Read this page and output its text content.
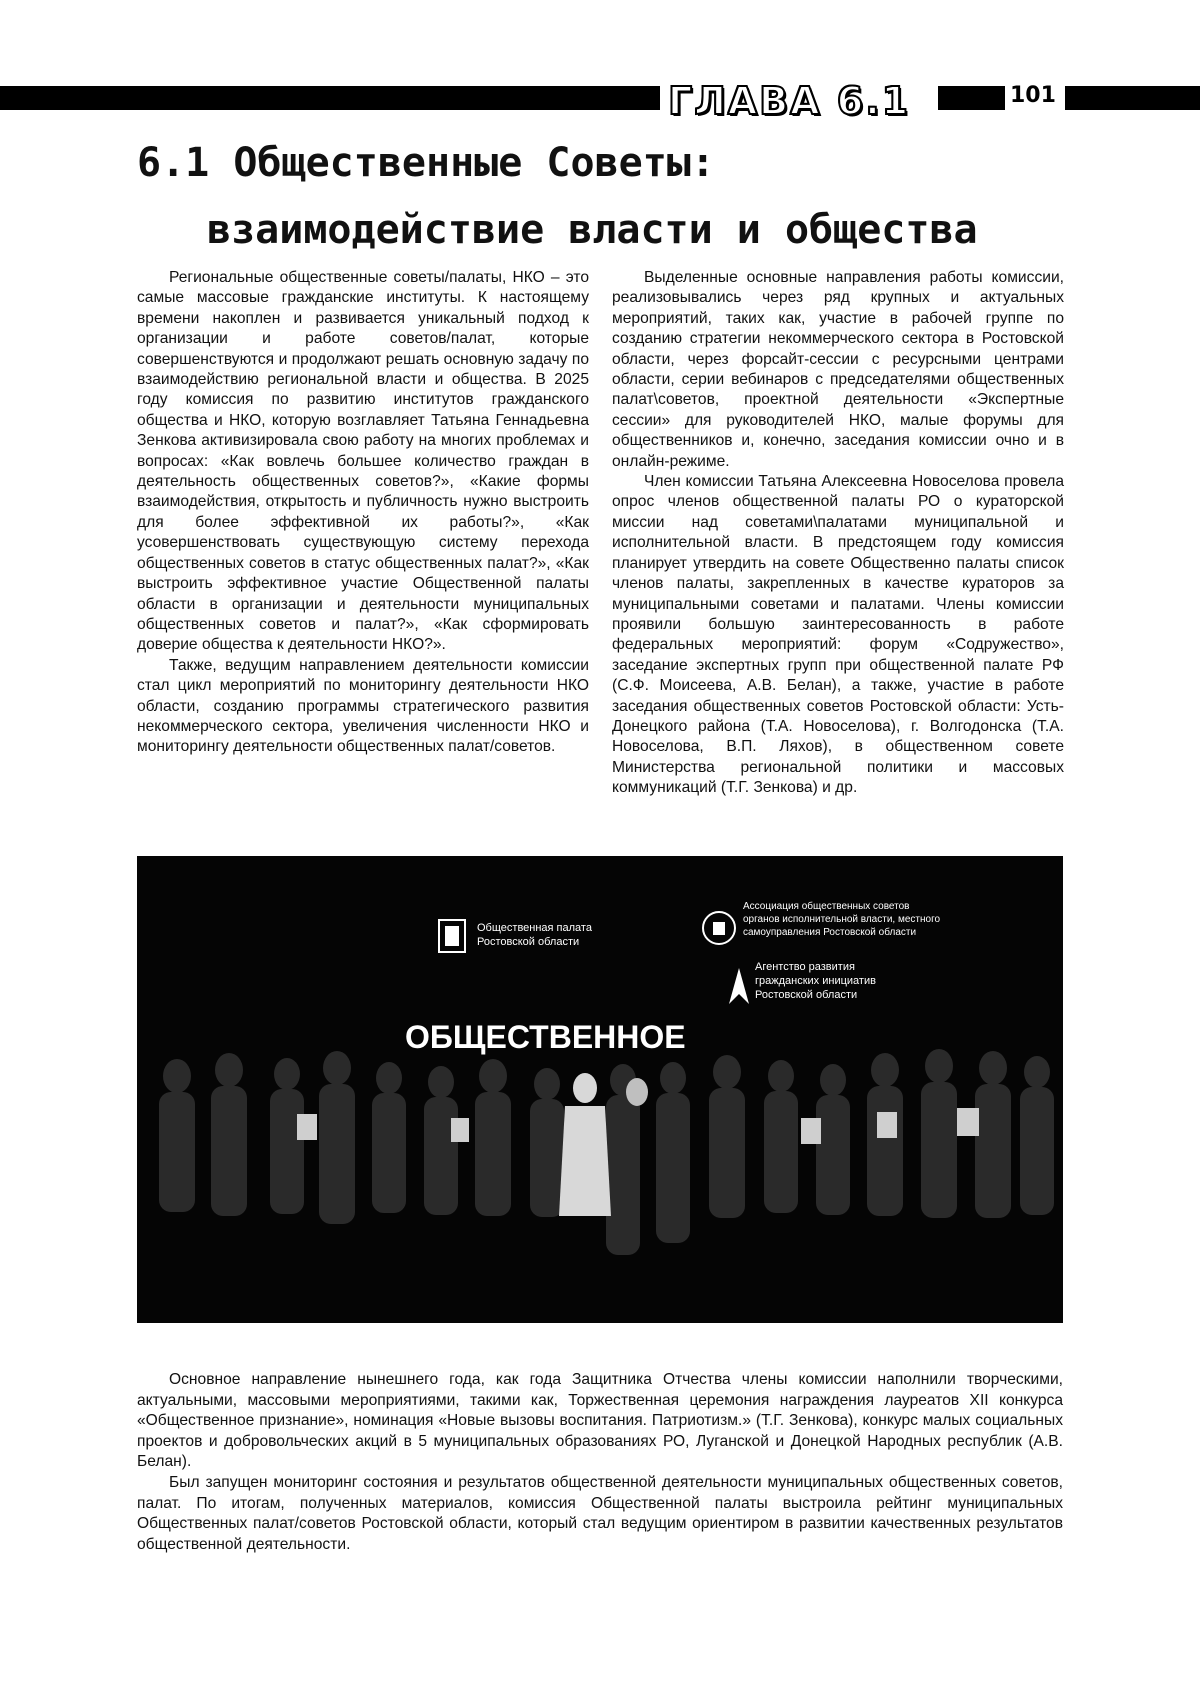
ГЛАВА 6.1	101
6.1 Общественные Советы:
взаимодействие власти и общества

Региональные общественные советы/палаты, НКО – это самые массовые гражданские институты. К настоящему времени накоплен и развивается уникальный подход к организации и работе советов/палат, которые совершенствуются и продолжают решать основную задачу по взаимодействию региональной власти и общества. В 2025 году комиссия по развитию институтов гражданского общества и НКО, которую возглавляет Татьяна Геннадьевна Зенкова активизировала свою работу на многих проблемах и вопросах: «Как вовлечь большее количество граждан в деятельность общественных советов?», «Какие формы взаимодействия, открытость и публичность нужно выстроить для более эффективной их работы?», «Как усовершенствовать существующую систему перехода общественных советов в статус общественных палат?», «Как выстроить эффективное участие Общественной палаты области в организации и деятельности муниципальных общественных советов и палат?», «Как сформировать доверие общества к деятельности НКО?».

Также, ведущим направлением деятельности комиссии стал цикл мероприятий по мониторингу деятельности НКО области, созданию программы стратегического развития некоммерческого сектора, увеличения численности НКО и мониторингу деятельности общественных палат/советов.

Выделенные основные направления работы комиссии, реализовывались через ряд крупных и актуальных мероприятий, таких как, участие в рабочей группе по созданию стратегии некоммерческого сектора в Ростовской области, через форсайт-сессии с ресурсными центрами области, серии вебинаров с председателями общественных палат\советов, проектной деятельности «Экспертные сессии» для руководителей НКО, малые форумы для общественников и, конечно, заседания комиссии очно и в онлайн-режиме.

Член комиссии Татьяна Алексеевна Новоселова провела опрос членов общественной палаты РО о кураторской миссии над советами\палатами муниципальной и исполнительной власти. В предстоящем году комиссия планирует утвердить на совете Общественно палаты список членов палаты, закрепленных в качестве кураторов за муниципальными советами и палатами. Члены комиссии проявили большую заинтересованность в работе федеральных мероприятий: форум «Содружество», заседание экспертных групп при общественной палате РФ (С.Ф. Моисеева, А.В. Белан), а также, участие в работе заседания общественных советов Ростовской области: Усть-Донецкого района (Т.А. Новоселова), г. Волгодонска (Т.А. Новоселова, В.П. Ляхов), в общественном совете Министерства региональной политики и массовых коммуникаций (Т.Г. Зенкова) и др.

Общественная палата
Ростовской области
Ассоциация общественных советов
органов исполнительной власти, местного
самоуправления Ростовской области
Агентство развития
гражданских инициатив
Ростовской области
ОБЩЕСТВЕННОЕ

Основное направление нынешнего года, как года Защитника Отчества члены комиссии наполнили творческими, актуальными, массовыми мероприятиями, такими как, Торжественная церемония награждения лауреатов XII конкурса «Общественное признание», номинация «Новые вызовы воспитания. Патриотизм.» (Т.Г. Зенкова), конкурс малых социальных проектов и добровольческих акций в 5 муниципальных образованиях РО, Луганской и Донецкой Народных республик (А.В. Белан).

Был запущен мониторинг состояния и результатов общественной деятельности муниципальных общественных советов, палат. По итогам, полученных материалов, комиссия Общественной палаты выстроила рейтинг муниципальных Общественных палат/советов Ростовской области, который стал ведущим ориентиром в развитии качественных результатов общественной деятельности.
